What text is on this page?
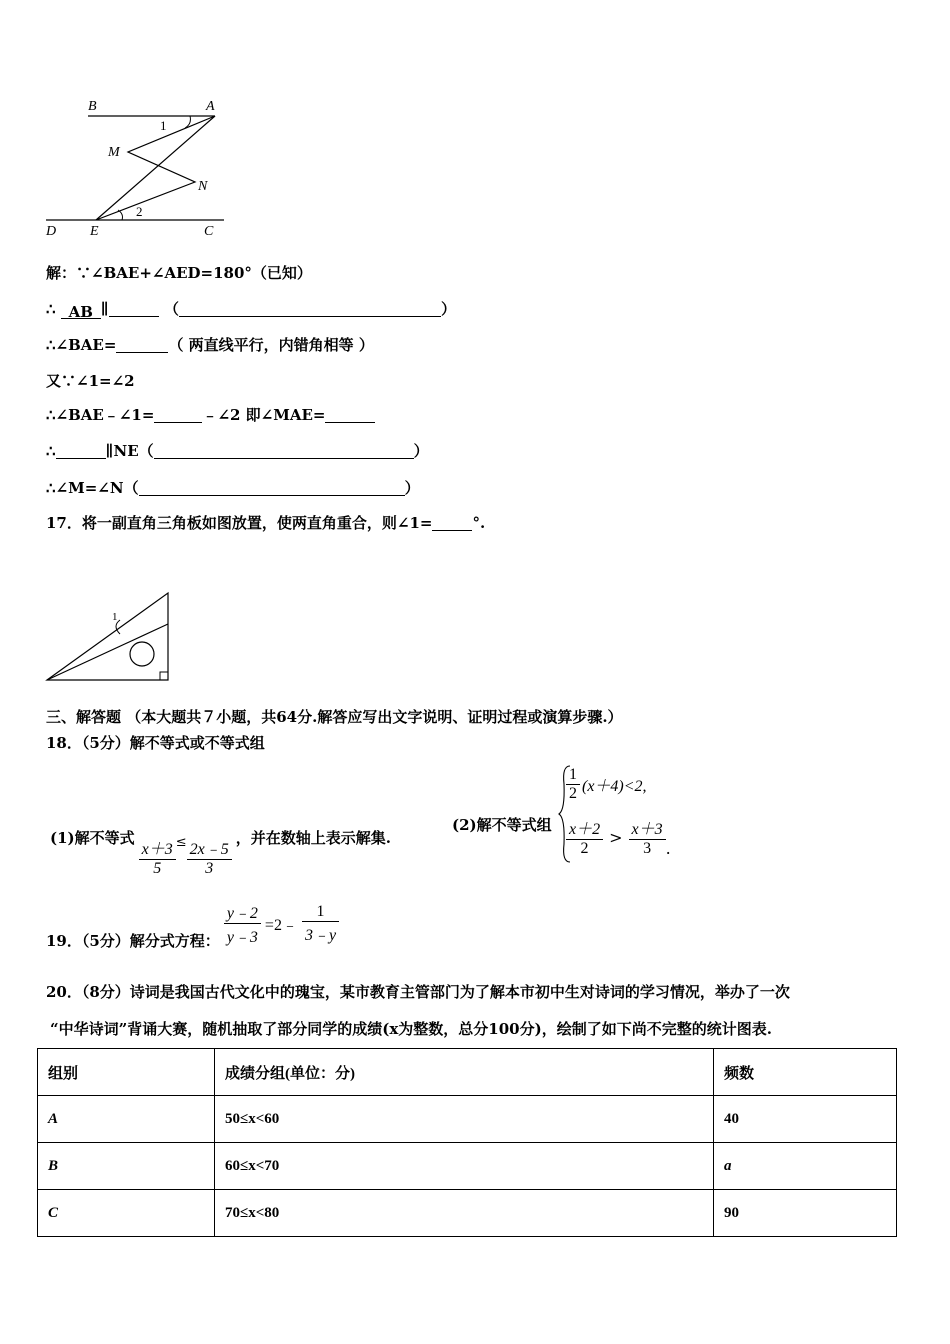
B	A
M
N
D E	C
1
2
解：∵∠BAE+∠AED=180°（已知）
∴ AB ∥	（	）
∴∠BAE=	（ 两直线平行，内错角相等 ）
又∵∠1=∠2
∴∠BAE﹣∠1=	﹣∠2 即∠MAE=
∴	∥NE（	）
∴∠M=∠N（	）
17．将一副直角三角板如图放置，使两直角重合，则∠1=	°.
1
三、解答题 （本大题共７小题，共64分.解答应写出文字说明、证明过程或演算步骤.）
18．（5分）解不等式或不等式组
(1)解不等式 $\frac{x+3}{5} \le \frac{2x﹣5}{3}$ ，并在数轴上表示解集.
(2)解不等式组
$\frac{1}{2} (x+4)<2$,
$\frac{x+2}{2} > \frac{x+3}{3}$ .
19．（5分）解分式方程： $\frac{y﹣2}{y﹣3}$ =2﹣ $\frac{1}{3﹣y}$
20．（8分）诗词是我国古代文化中的瑰宝，某市教育主管部门为了解本市初中生对诗词的学习情况，举办了一次
“中华诗词”背诵大赛，随机抽取了部分同学的成绩(x为整数，总分100分)，绘制了如下尚不完整的统计图表.
组别	成绩分组(单位：分)	频数
A	50≤x<60	40
B	60≤x<70	a
C	70≤x<80	90
